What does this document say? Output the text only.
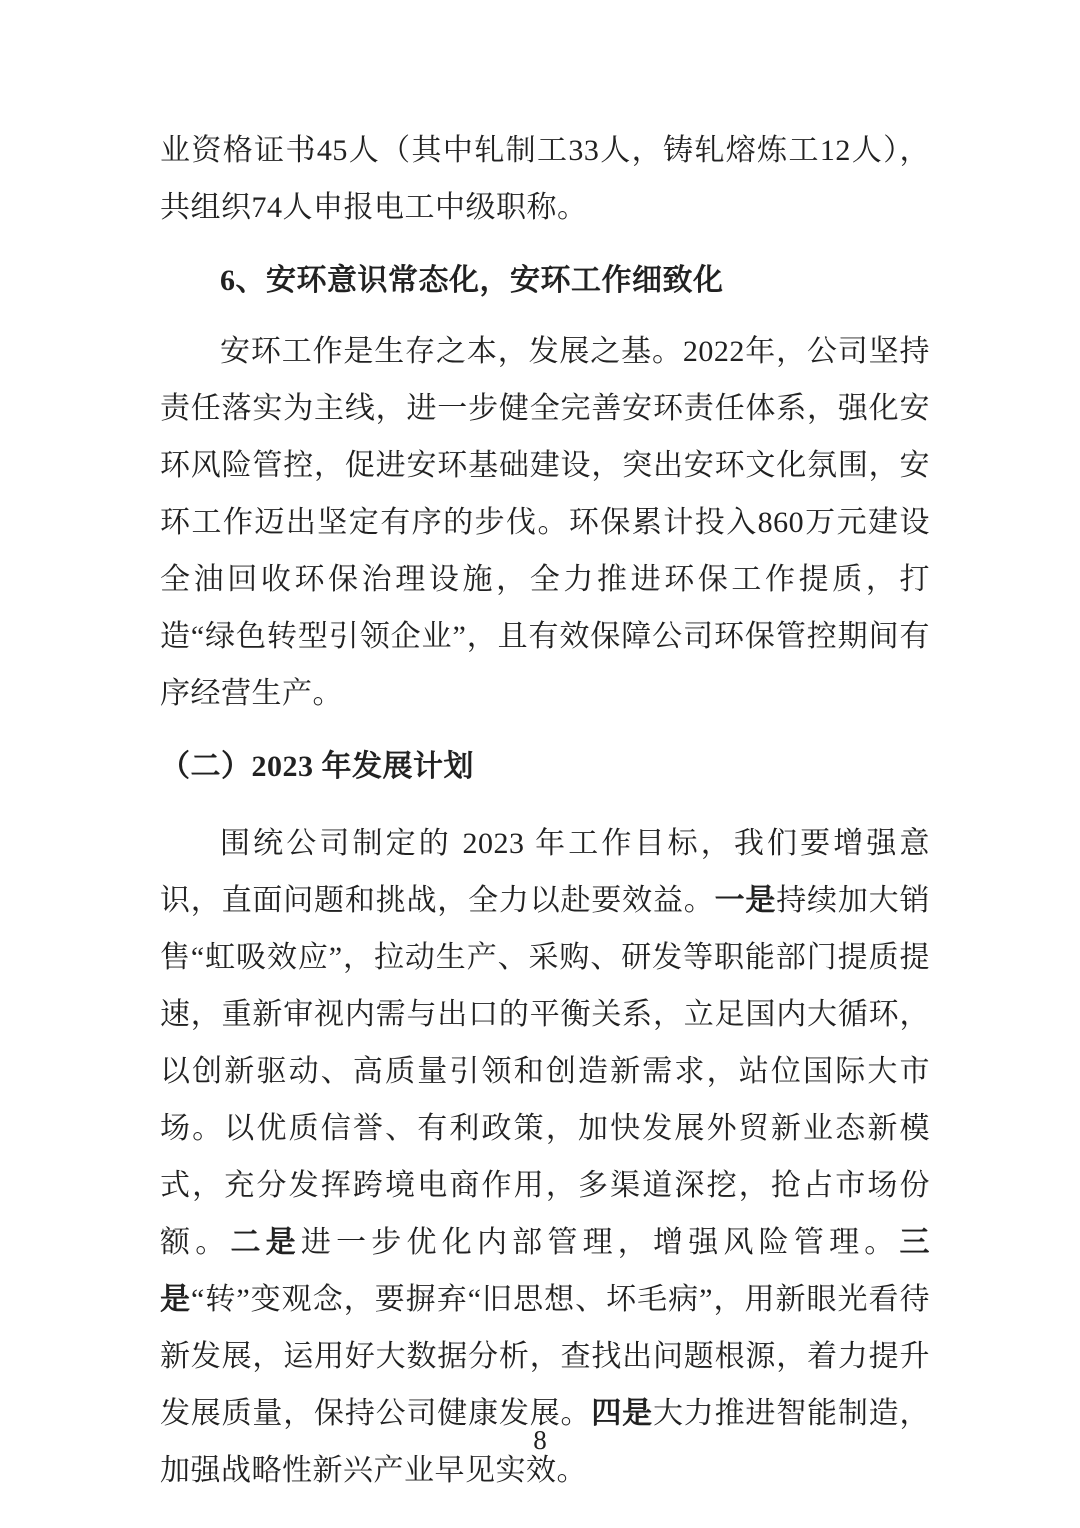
业资格证书45人（其中轧制工33人，铸轧熔炼工12人），共组织74人申报电工中级职称。

6、安环意识常态化，安环工作细致化

安环工作是生存之本，发展之基。2022年，公司坚持责任落实为主线，进一步健全完善安环责任体系，强化安环风险管控，促进安环基础建设，突出安环文化氛围，安环工作迈出坚定有序的步伐。环保累计投入860万元建设全油回收环保治理设施，全力推进环保工作提质，打造“绿色转型引领企业”，且有效保障公司环保管控期间有序经营生产。

（二）2023 年发展计划

围统公司制定的 2023 年工作目标，我们要增强意识，直面问题和挑战，全力以赴要效益。一是持续加大销售“虹吸效应”，拉动生产、采购、研发等职能部门提质提速，重新审视内需与出口的平衡关系，立足国内大循环，以创新驱动、高质量引领和创造新需求，站位国际大市场。以优质信誉、有利政策，加快发展外贸新业态新模式，充分发挥跨境电商作用，多渠道深挖，抢占市场份额。二是进一步优化内部管理，增强风险管理。三是“转”变观念，要摒弃“旧思想、坏毛病”，用新眼光看待新发展，运用好大数据分析，查找出问题根源，着力提升发展质量，保持公司健康发展。四是大力推进智能制造，加强战略性新兴产业早见实效。

8
